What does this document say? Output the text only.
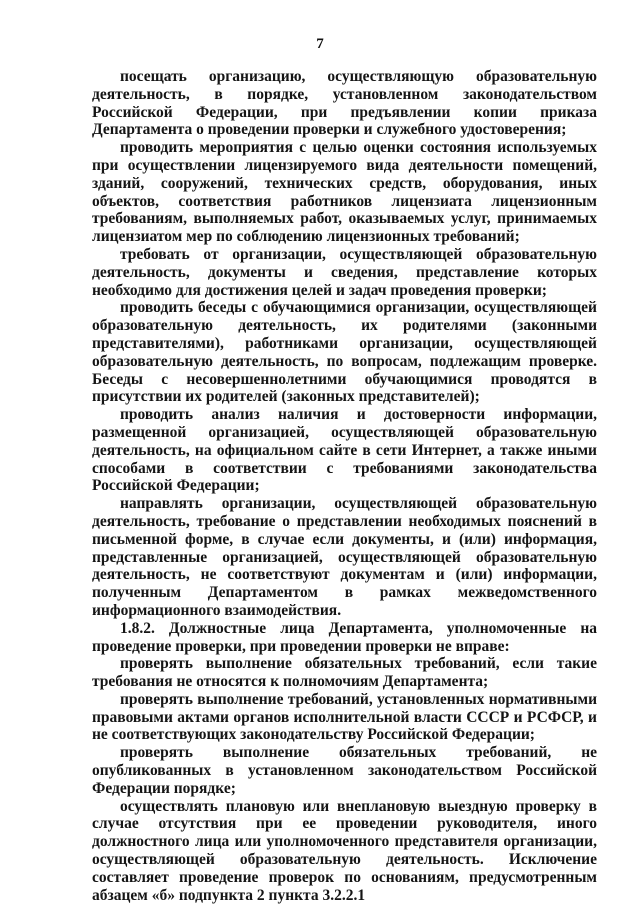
7

посещать организацию, осуществляющую образовательную деятельность, в порядке, установленном законодательством Российской Федерации, при предъявлении копии приказа Департамента о проведении проверки и служебного удостоверения;

проводить мероприятия с целью оценки состояния используемых при осуществлении лицензируемого вида деятельности помещений, зданий, сооружений, технических средств, оборудования, иных объектов, соответствия работников лицензиата лицензионным требованиям, выполняемых работ, оказываемых услуг, принимаемых лицензиатом мер по соблюдению лицензионных требований;

требовать от организации, осуществляющей образовательную деятельность, документы и сведения, представление которых необходимо для достижения целей и задач проведения проверки;

проводить беседы с обучающимися организации, осуществляющей образовательную деятельность, их родителями (законными представителями), работниками организации, осуществляющей образовательную деятельность, по вопросам, подлежащим проверке. Беседы с несовершеннолетними обучающимися проводятся в присутствии их родителей (законных представителей);

проводить анализ наличия и достоверности информации, размещенной организацией, осуществляющей образовательную деятельность, на официальном сайте в сети Интернет, а также иными способами в соответствии с требованиями законодательства Российской Федерации;

направлять организации, осуществляющей образовательную деятельность, требование о представлении необходимых пояснений в письменной форме, в случае если документы, и (или) информация, представленные организацией, осуществляющей образовательную деятельность, не соответствуют документам и (или) информации, полученным Департаментом в рамках межведомственного информационного взаимодействия.

1.8.2. Должностные лица Департамента, уполномоченные на проведение проверки, при проведении проверки не вправе:

проверять выполнение обязательных требований, если такие требования не относятся к полномочиям Департамента;

проверять выполнение требований, установленных нормативными правовыми актами органов исполнительной власти СССР и РСФСР, и не соответствующих законодательству Российской Федерации;

проверять выполнение обязательных требований, не опубликованных в установленном законодательством Российской Федерации порядке;

осуществлять плановую или внеплановую выездную проверку в случае отсутствия при ее проведении руководителя, иного должностного лица или уполномоченного представителя организации, осуществляющей образовательную деятельность. Исключение составляет проведение проверок по основаниям, предусмотренным абзацем «б» подпункта 2 пункта 3.2.2.1
